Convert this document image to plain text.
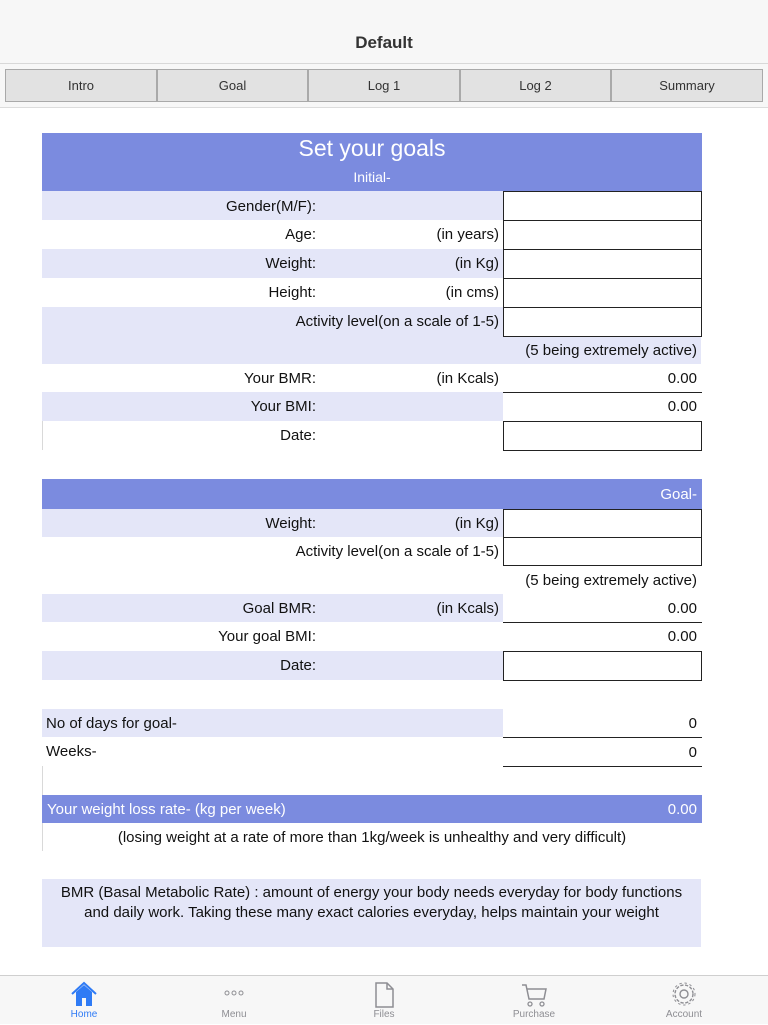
Default
Intro	Goal	Log 1	Log 2	Summary
Set your goals
Initial-
Gender(M/F):
Age:	(in years)
Weight:	(in Kg)
Height:	(in cms)
Activity level(on a scale of 1-5)
(5 being extremely active)
Your BMR:	(in Kcals)	0.00
Your BMI:	0.00
Date:
Goal-
Weight:	(in Kg)
Activity level(on a scale of 1-5)
(5 being extremely active)
Goal BMR:	(in Kcals)	0.00
Your goal BMI:	0.00
Date:
No of days for goal-	0
Weeks-	0
Your weight loss rate- (kg per week)	0.00
(losing weight at a rate of more than 1kg/week is unhealthy and very difficult)
BMR (Basal Metabolic Rate) : amount of energy your body needs everyday for body functions and daily work. Taking these many exact calories everyday, helps maintain your weight
Home	Menu	Files	Purchase	Account
